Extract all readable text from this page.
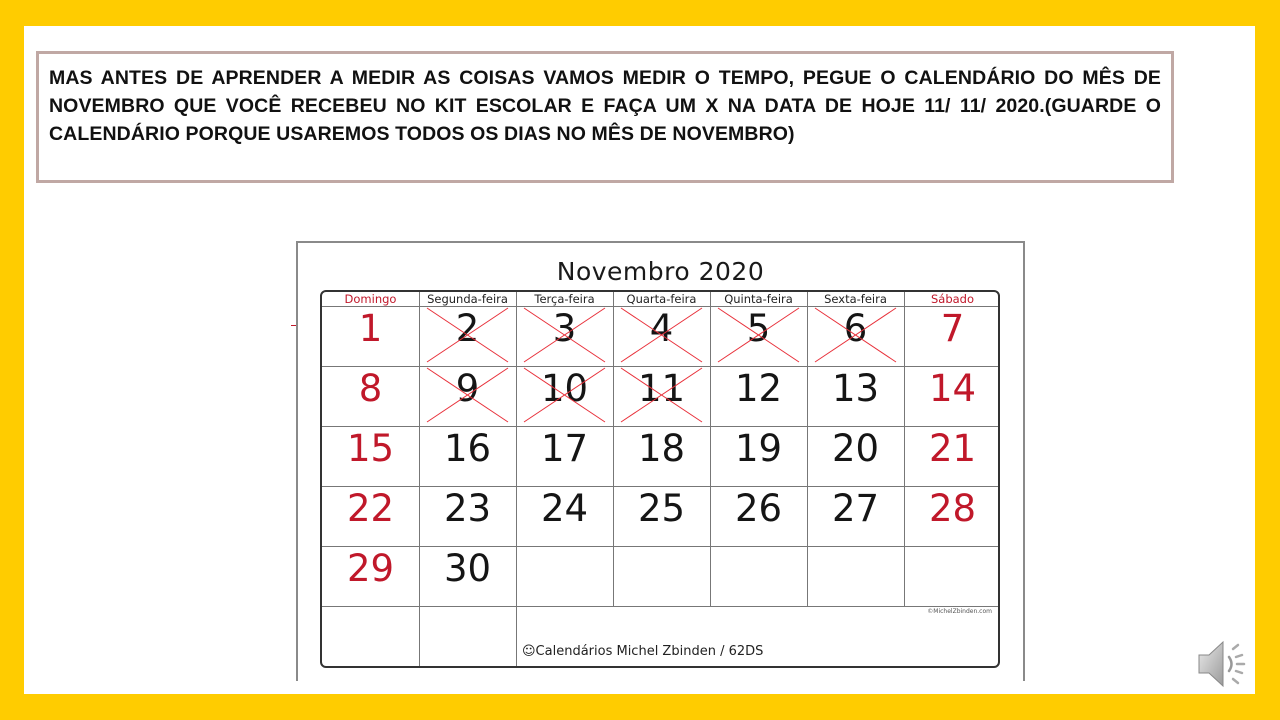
MAS ANTES DE APRENDER A MEDIR AS COISAS VAMOS MEDIR O TEMPO, PEGUE O CALENDÁRIO DO MÊS DE NOVEMBRO QUE VOCÊ RECEBEU NO KIT ESCOLAR E FAÇA UM X NA DATA DE HOJE 11/ 11/ 2020.(GUARDE O CALENDÁRIO PORQUE USAREMOS TODOS OS DIAS NO MÊS DE NOVEMBRO)

Novembro 2020
Domingo	Segunda-feira	Terça-feira	Quarta-feira	Quinta-feira	Sexta-feira	Sábado
1	2	3	4	5	6	7
8	9	10	11	12	13	14
15	16	17	18	19	20	21
22	23	24	25	26	27	28
29	30
©MichelZbinden.com
☺Calendários Michel Zbinden / 62DS
